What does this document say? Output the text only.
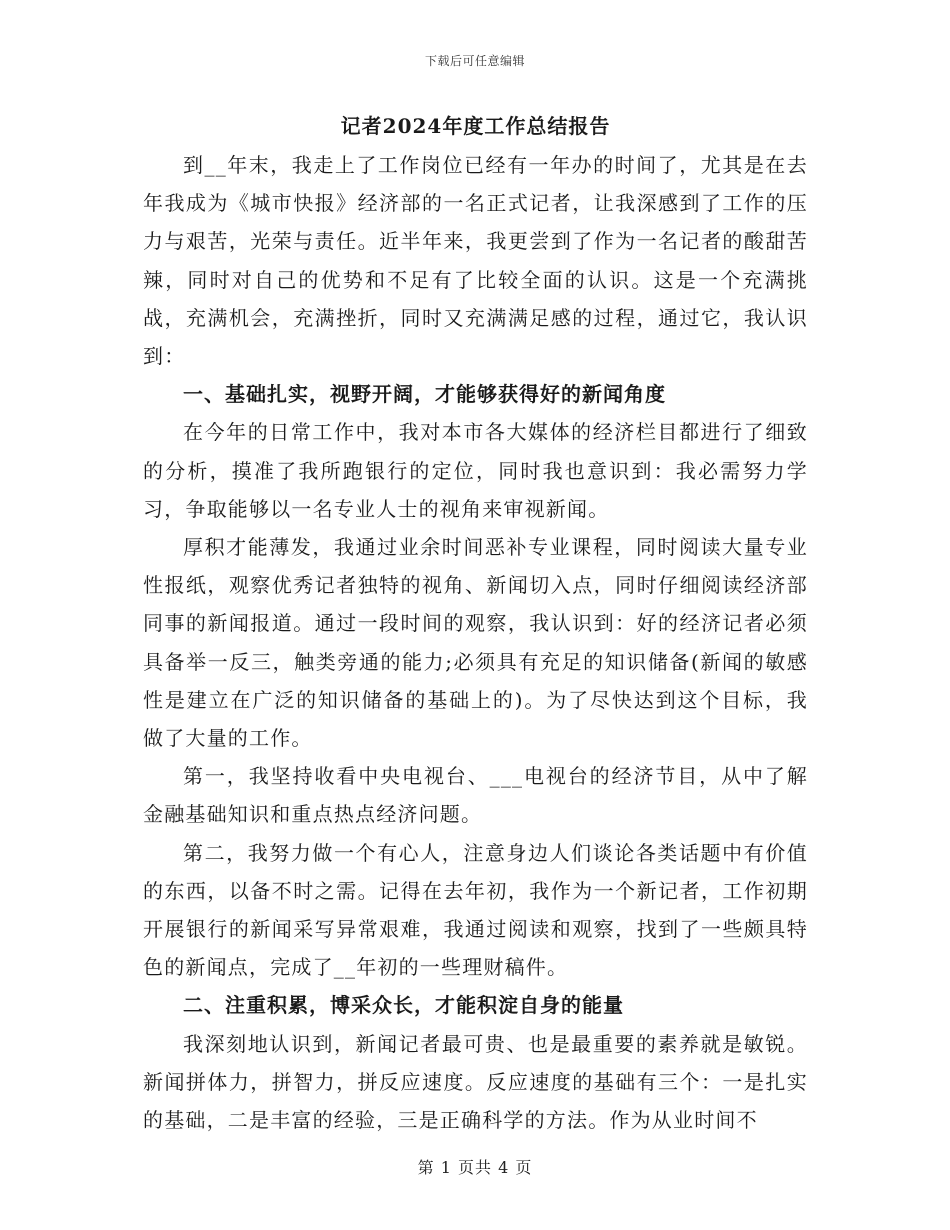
下载后可任意编辑
记者2024年度工作总结报告

到__年末，我走上了工作岗位已经有一年办的时间了，尤其是在去年我成为《城市快报》经济部的一名正式记者，让我深感到了工作的压力与艰苦，光荣与责任。近半年来，我更尝到了作为一名记者的酸甜苦辣，同时对自己的优势和不足有了比较全面的认识。这是一个充满挑战，充满机会，充满挫折，同时又充满满足感的过程，通过它，我认识到：

一、基础扎实，视野开阔，才能够获得好的新闻角度

在今年的日常工作中，我对本市各大媒体的经济栏目都进行了细致的分析，摸准了我所跑银行的定位，同时我也意识到：我必需努力学习，争取能够以一名专业人士的视角来审视新闻。

厚积才能薄发，我通过业余时间恶补专业课程，同时阅读大量专业性报纸，观察优秀记者独特的视角、新闻切入点，同时仔细阅读经济部同事的新闻报道。通过一段时间的观察，我认识到：好的经济记者必须具备举一反三，触类旁通的能力;必须具有充足的知识储备(新闻的敏感性是建立在广泛的知识储备的基础上的)。为了尽快达到这个目标，我做了大量的工作。

第一，我坚持收看中央电视台、___电视台的经济节目，从中了解金融基础知识和重点热点经济问题。

第二，我努力做一个有心人，注意身边人们谈论各类话题中有价值的东西，以备不时之需。记得在去年初，我作为一个新记者，工作初期开展银行的新闻采写异常艰难，我通过阅读和观察，找到了一些颇具特色的新闻点，完成了__年初的一些理财稿件。

二、注重积累，博采众长，才能积淀自身的能量

我深刻地认识到，新闻记者最可贵、也是最重要的素养就是敏锐。新闻拼体力，拼智力，拼反应速度。反应速度的基础有三个：一是扎实的基础，二是丰富的经验，三是正确科学的方法。作为从业时间不

第 1 页共 4 页
